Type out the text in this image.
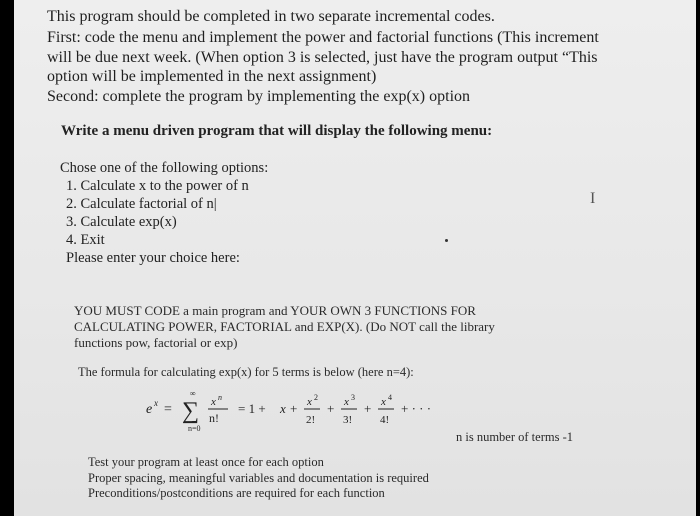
This program should be completed in two separate incremental codes.
First: code the menu and implement the power and factorial functions (This increment
will be due next week. (When option 3 is selected, just have the program output “This
option will be implemented in the next assignment)
Second: complete the program by implementing the exp(x) option
Write a menu driven program that will display the following menu:
Chose one of the following options:
1. Calculate x to the power of n
2. Calculate factorial of n|
3. Calculate exp(x)
4. Exit
Please enter your choice here:
I
YOU MUST CODE a main program and YOUR OWN 3 FUNCTIONS FOR
CALCULATING POWER, FACTORIAL and EXP(X). (Do NOT call the library
functions pow, factorial or exp)
The formula for calculating exp(x) for 5 terms is below (here n=4):
e x =
∞
∑
n=0
x n
n!
= 1 + x + x 2
2!
+ x 3
3!
+ x 4
4!
+ · · ·
n is number of terms -1
Test your program at least once for each option
Proper spacing, meaningful variables and documentation is required
Preconditions/postconditions are required for each function
